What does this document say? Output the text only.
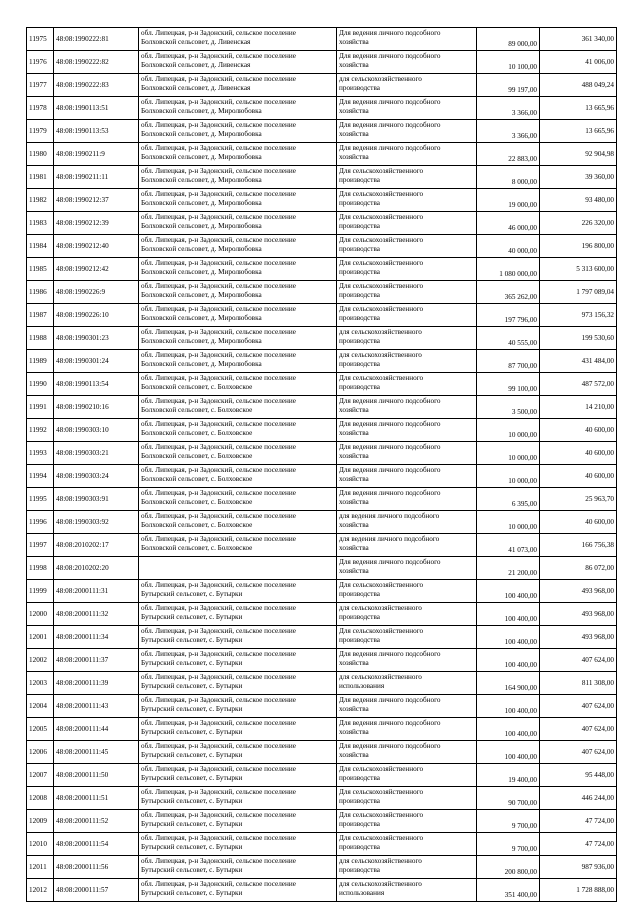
11975	48:08:1990222:81	обл. Липецкая, р-н Задонский, сельское поселение
Болховской сельсовет, д. Ливенская	Для ведения личного подсобного
хозяйства	89 000,00	361 340,00
11976	48:08:1990222:82	обл. Липецкая, р-н Задонский, сельское поселение
Болховской сельсовет, д. Ливенская	Для ведения личного подсобного
хозяйства	10 100,00	41 006,00
11977	48:08:1990222:83	обл. Липецкая, р-н Задонский, сельское поселение
Болховской сельсовет, д. Ливенская	для сельскохозяйственного
производства	99 197,00	488 049,24
11978	48:08:1990113:51	обл. Липецкая, р-н Задонский, сельское поселение
Болховской сельсовет, д. Миролюбовка	Для ведения личного подсобного
хозяйства	3 366,00	13 665,96
11979	48:08:1990113:53	обл. Липецкая, р-н Задонский, сельское поселение
Болховской сельсовет, д. Миролюбовка	Для ведения личного подсобного
хозяйства	3 366,00	13 665,96
11980	48:08:1990211:9	обл. Липецкая, р-н Задонский, сельское поселение
Болховской сельсовет, д. Миролюбовка	Для ведения личного подсобного
хозяйства	22 883,00	92 904,98
11981	48:08:1990211:11	обл. Липецкая, р-н Задонский, сельское поселение
Болховской сельсовет, д. Миролюбовка	Для сельскохозяйственного
производства	8 000,00	39 360,00
11982	48:08:1990212:37	обл. Липецкая, р-н Задонский, сельское поселение
Болховской сельсовет, д. Миролюбовка	Для сельскохозяйственного
производства	19 000,00	93 480,00
11983	48:08:1990212:39	обл. Липецкая, р-н Задонский, сельское поселение
Болховской сельсовет, д. Миролюбовка	Для сельскохозяйственного
производства	46 000,00	226 320,00
11984	48:08:1990212:40	обл. Липецкая, р-н Задонский, сельское поселение
Болховской сельсовет, д. Миролюбовка	Для сельскохозяйственного
производства	40 000,00	196 800,00
11985	48:08:1990212:42	обл. Липецкая, р-н Задонский, сельское поселение
Болховской сельсовет, д. Миролюбовка	Для сельскохозяйственного
производства	1 080 000,00	5 313 600,00
11986	48:08:1990226:9	обл. Липецкая, р-н Задонский, сельское поселение
Болховской сельсовет, д. Миролюбовка	Для сельскохозяйственного
производства	365 262,00	1 797 089,04
11987	48:08:1990226:10	обл. Липецкая, р-н Задонский, сельское поселение
Болховской сельсовет, д. Миролюбовка	Для сельскохозяйственного
производства	197 796,00	973 156,32
11988	48:08:1990301:23	обл. Липецкая, р-н Задонский, сельское поселение
Болховской сельсовет, д. Миролюбовка	для сельскохозяйственного
производства	40 555,00	199 530,60
11989	48:08:1990301:24	обл. Липецкая, р-н Задонский, сельское поселение
Болховской сельсовет, д. Миролюбовка	для сельскохозяйственного
производства	87 700,00	431 484,00
11990	48:08:1990113:54	обл. Липецкая, р-н Задонский, сельское поселение
Болховской сельсовет, с. Болховское	Для сельскохозяйственного
производства	99 100,00	487 572,00
11991	48:08:1990210:16	обл. Липецкая, р-н Задонский, сельское поселение
Болховской сельсовет, с. Болховское	Для ведения личного подсобного
хозяйства	3 500,00	14 210,00
11992	48:08:1990303:10	обл. Липецкая, р-н Задонский, сельское поселение
Болховской сельсовет, с. Болховское	Для ведения личного подсобного
хозяйства	10 000,00	40 600,00
11993	48:08:1990303:21	обл. Липецкая, р-н Задонский, сельское поселение
Болховской сельсовет, с. Болховское	Для ведения личного подсобного
хозяйства	10 000,00	40 600,00
11994	48:08:1990303:24	обл. Липецкая, р-н Задонский, сельское поселение
Болховской сельсовет, с. Болховское	Для ведения личного подсобного
хозяйства	10 000,00	40 600,00
11995	48:08:1990303:91	обл. Липецкая, р-н Задонский, сельское поселение
Болховской сельсовет, с. Болховское	Для ведения личного подсобного
хозяйства	6 395,00	25 963,70
11996	48:08:1990303:92	обл. Липецкая, р-н Задонский, сельское поселение
Болховской сельсовет, с. Болховское	для ведения личного подсобного
хозяйства	10 000,00	40 600,00
11997	48:08:2010202:17	обл. Липецкая, р-н Задонский, сельское поселение
Болховской сельсовет, с. Болховское	для ведения личного подсобного
хозяйства	41 073,00	166 756,38
11998	48:08:2010202:20		Для ведения личного подсобного
хозяйства	21 200,00	86 072,00
11999	48:08:2000111:31	обл. Липецкая, р-н Задонский, сельское поселение
Бутырский сельсовет, с. Бутырки	Для сельскохозяйственного
производства	100 400,00	493 968,00
12000	48:08:2000111:32	обл. Липецкая, р-н Задонский, сельское поселение
Бутырский сельсовет, с. Бутырки	для сельскохозяйственного
производства	100 400,00	493 968,00
12001	48:08:2000111:34	обл. Липецкая, р-н Задонский, сельское поселение
Бутырский сельсовет, с. Бутырки	Для сельскохозяйственного
производства	100 400,00	493 968,00
12002	48:08:2000111:37	обл. Липецкая, р-н Задонский, сельское поселение
Бутырский сельсовет, с. Бутырки	Для ведения личного подсобного
хозяйства	100 400,00	407 624,00
12003	48:08:2000111:39	обл. Липецкая, р-н Задонский, сельское поселение
Бутырский сельсовет, с. Бутырки	для сельскохозяйственного
использования	164 900,00	811 308,00
12004	48:08:2000111:43	обл. Липецкая, р-н Задонский, сельское поселение
Бутырский сельсовет, с. Бутырки	Для ведения личного подсобного
хозяйства	100 400,00	407 624,00
12005	48:08:2000111:44	обл. Липецкая, р-н Задонский, сельское поселение
Бутырский сельсовет, с. Бутырки	Для ведения личного подсобного
хозяйства	100 400,00	407 624,00
12006	48:08:2000111:45	обл. Липецкая, р-н Задонский, сельское поселение
Бутырский сельсовет, с. Бутырки	Для ведения личного подсобного
хозяйства	100 400,00	407 624,00
12007	48:08:2000111:50	обл. Липецкая, р-н Задонский, сельское поселение
Бутырский сельсовет, с. Бутырки	Для сельскохозяйственного
производства	19 400,00	95 448,00
12008	48:08:2000111:51	обл. Липецкая, р-н Задонский, сельское поселение
Бутырский сельсовет, с. Бутырки	Для сельскохозяйственного
производства	90 700,00	446 244,00
12009	48:08:2000111:52	обл. Липецкая, р-н Задонский, сельское поселение
Бутырский сельсовет, с. Бутырки	Для сельскохозяйственного
производства	9 700,00	47 724,00
12010	48:08:2000111:54	обл. Липецкая, р-н Задонский, сельское поселение
Бутырский сельсовет, с. Бутырки	Для сельскохозяйственного
производства	9 700,00	47 724,00
12011	48:08:2000111:56	обл. Липецкая, р-н Задонский, сельское поселение
Бутырский сельсовет, с. Бутырки	для сельскохозяйственного
производства	200 800,00	987 936,00
12012	48:08:2000111:57	обл. Липецкая, р-н Задонский, сельское поселение
Бутырский сельсовет, с. Бутырки	для сельскохозяйственного
использования	351 400,00	1 728 888,00
